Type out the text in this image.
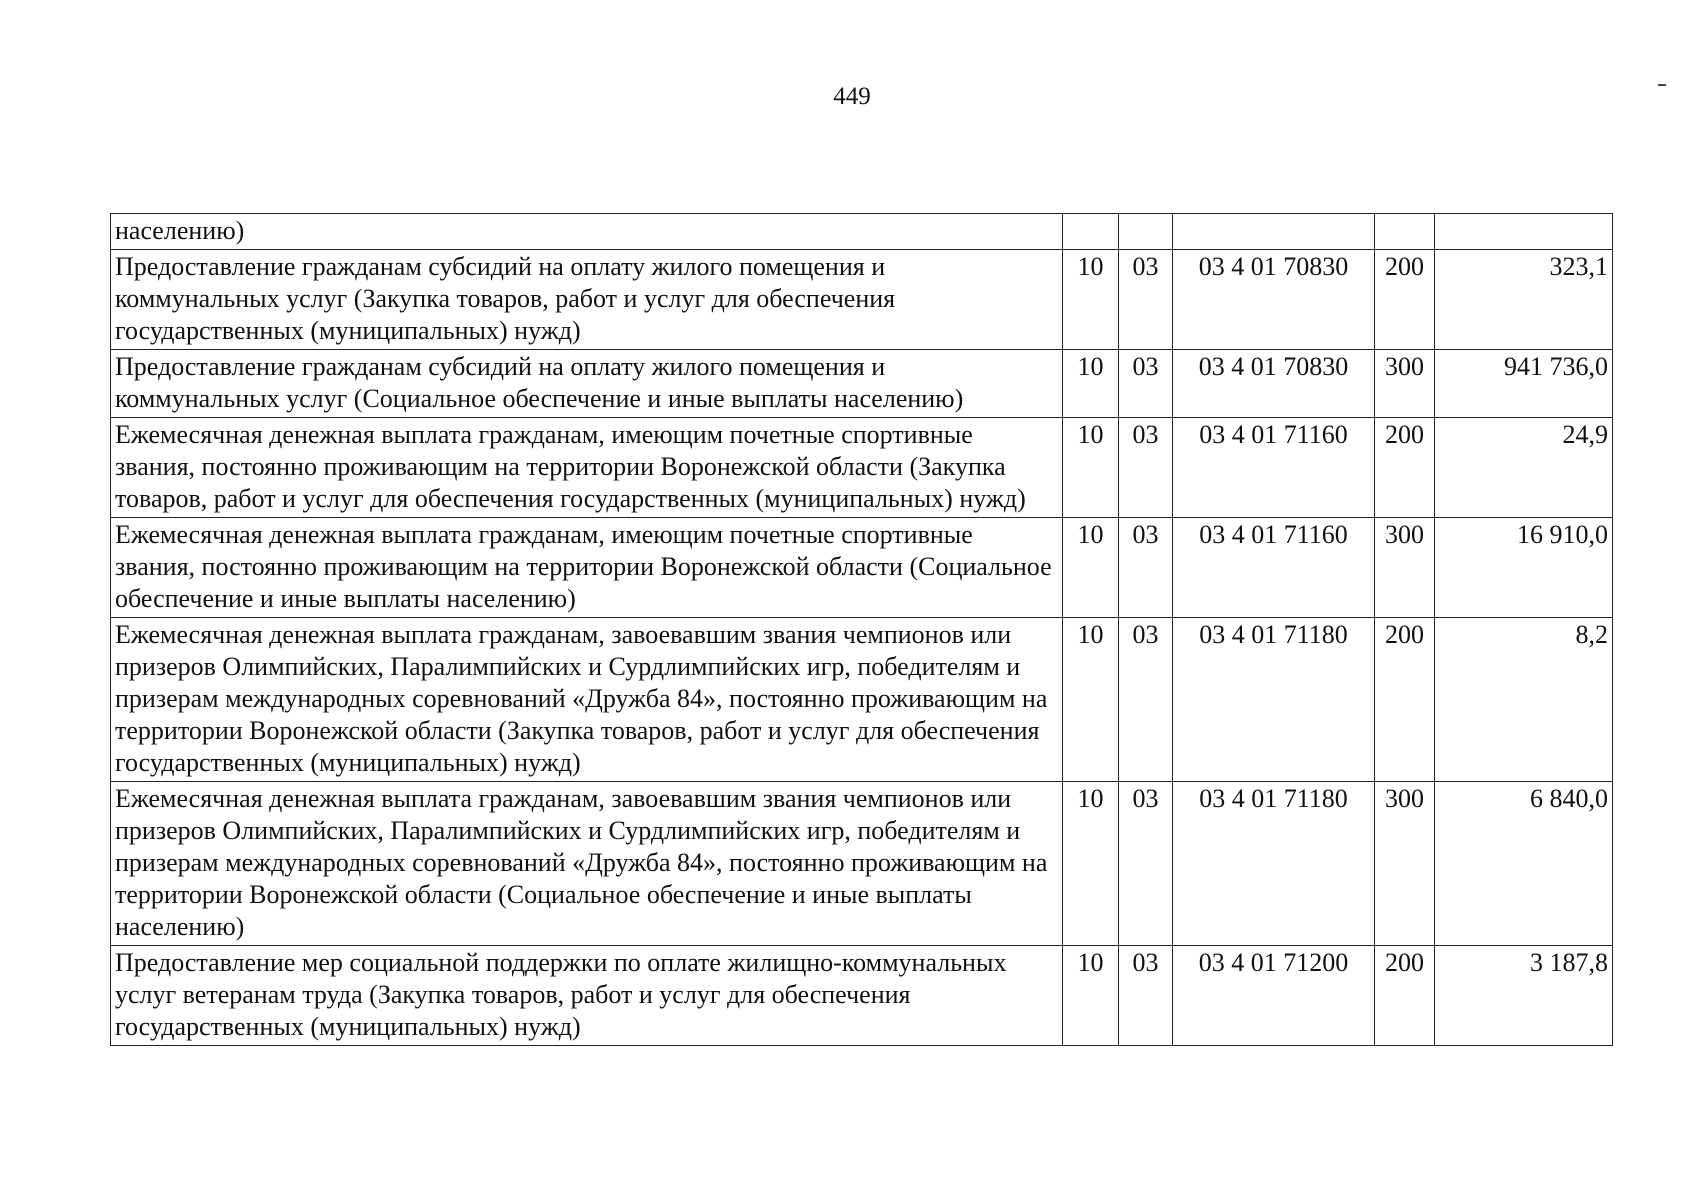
449
населению)					
Предоставление гражданам субсидий на оплату жилого помещения и коммунальных услуг (Закупка товаров, работ и услуг для обеспечения государственных (муниципальных) нужд)	10	03	03 4 01 70830	200	323,1
Предоставление гражданам субсидий на оплату жилого помещения и коммунальных услуг (Социальное обеспечение и иные выплаты населению)	10	03	03 4 01 70830	300	941 736,0
Ежемесячная денежная выплата гражданам, имеющим почетные спортивные звания, постоянно проживающим на территории Воронежской области (Закупка товаров, работ и услуг для обеспечения государственных (муниципальных) нужд)	10	03	03 4 01 71160	200	24,9
Ежемесячная денежная выплата гражданам, имеющим почетные спортивные звания, постоянно проживающим на территории Воронежской области (Социальное обеспечение и иные выплаты населению)	10	03	03 4 01 71160	300	16 910,0
Ежемесячная денежная выплата гражданам, завоевавшим звания чемпионов или призеров Олимпийских, Паралимпийских и Сурдлимпийских игр, победителям и призерам международных соревнований «Дружба 84», постоянно проживающим на территории Воронежской области (Закупка товаров, работ и услуг для обеспечения государственных (муниципальных) нужд)	10	03	03 4 01 71180	200	8,2
Ежемесячная денежная выплата гражданам, завоевавшим звания чемпионов или призеров Олимпийских, Паралимпийских и Сурдлимпийских игр, победителям и призерам международных соревнований «Дружба 84», постоянно проживающим на территории Воронежской области (Социальное обеспечение и иные выплаты населению)	10	03	03 4 01 71180	300	6 840,0
Предоставление мер социальной поддержки по оплате жилищно-коммунальных услуг ветеранам труда (Закупка товаров, работ и услуг для обеспечения государственных (муниципальных) нужд)	10	03	03 4 01 71200	200	3 187,8
